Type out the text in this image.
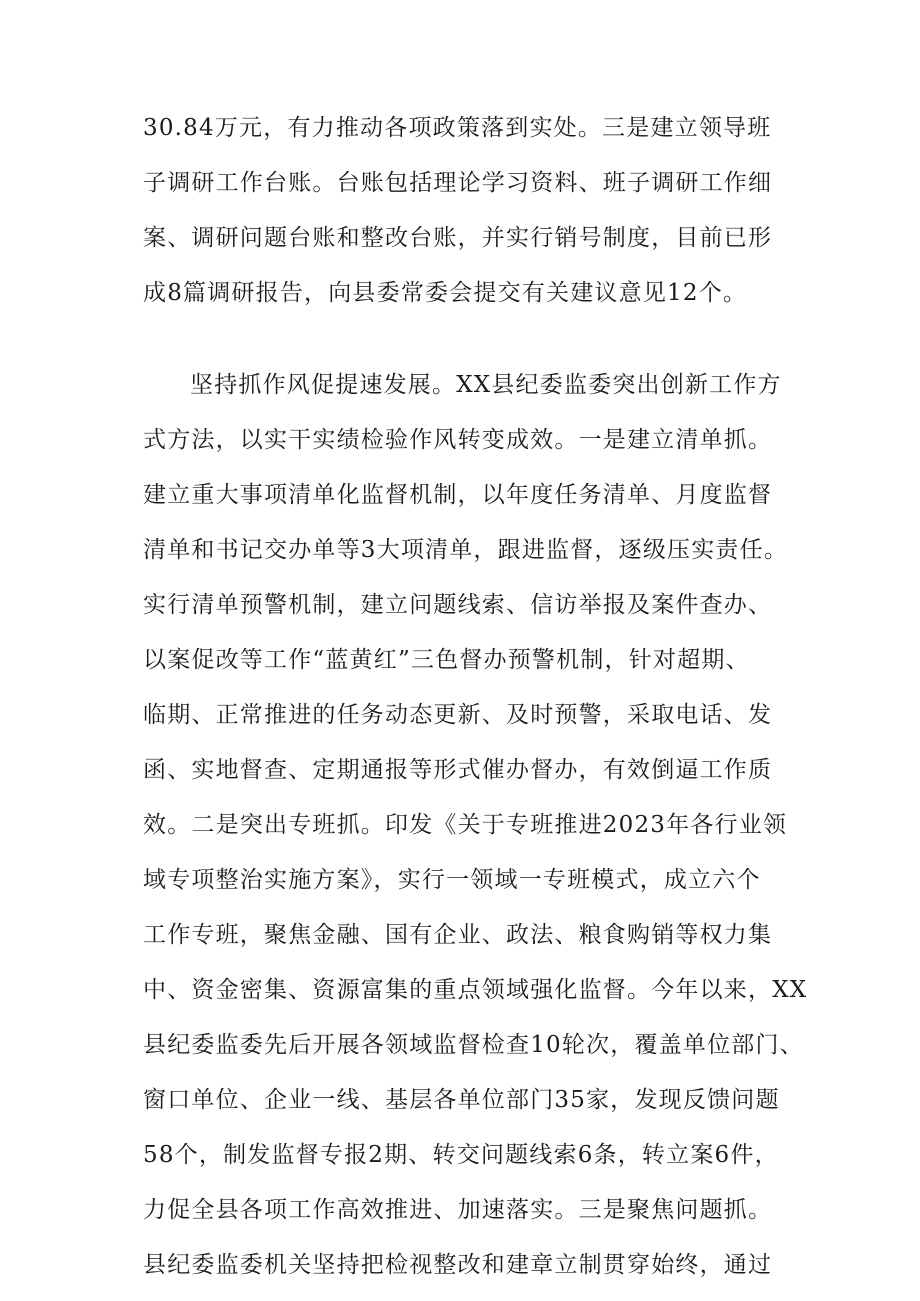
30.84万元，有力推动各项政策落到实处。三是建立领导班
子调研工作台账。台账包括理论学习资料、班子调研工作细
案、调研问题台账和整改台账，并实行销号制度，目前已形
成8篇调研报告，向县委常委会提交有关建议意见12个。
坚持抓作风促提速发展。XX县纪委监委突出创新工作方
式方法，以实干实绩检验作风转变成效。一是建立清单抓。
建立重大事项清单化监督机制，以年度任务清单、月度监督
清单和书记交办单等3大项清单，跟进监督，逐级压实责任。
实行清单预警机制，建立问题线索、信访举报及案件查办、
以案促改等工作“蓝黄红”三色督办预警机制，针对超期、
临期、正常推进的任务动态更新、及时预警，采取电话、发
函、实地督查、定期通报等形式催办督办，有效倒逼工作质
效。二是突出专班抓。印发《关于专班推进2023年各行业领
域专项整治实施方案》，实行一领域一专班模式，成立六个
工作专班，聚焦金融、国有企业、政法、粮食购销等权力集
中、资金密集、资源富集的重点领域强化监督。今年以来，XX
县纪委监委先后开展各领域监督检查10轮次，覆盖单位部门、
窗口单位、企业一线、基层各单位部门35家，发现反馈问题
58个，制发监督专报2期、转交问题线索6条，转立案6件，
力促全县各项工作高效推进、加速落实。三是聚焦问题抓。
县纪委监委机关坚持把检视整改和建章立制贯穿始终，通过
